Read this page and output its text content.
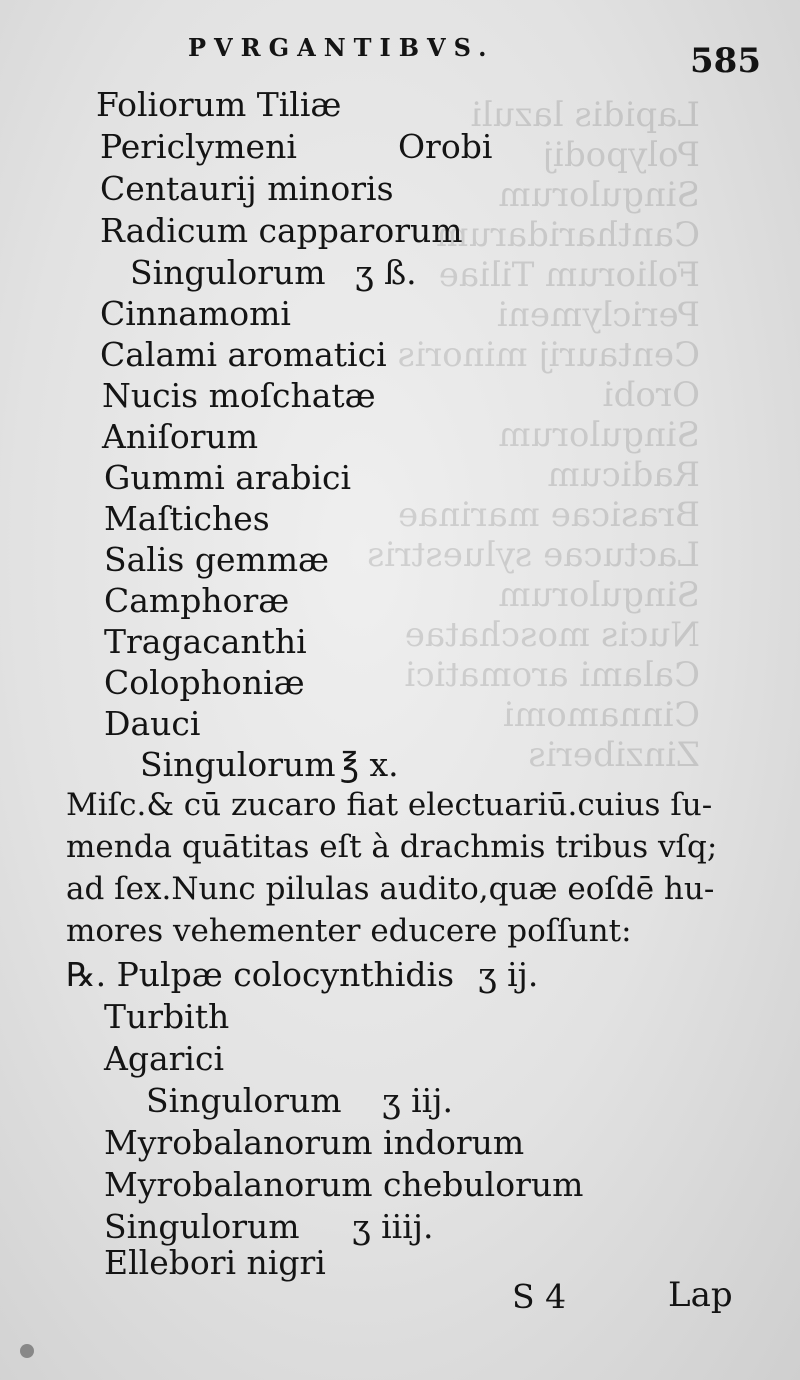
Lapidis lazuli
Polypodij
Singulorum
Cantharidarum
Foliorum Tiliae
Periclymeni
Centaurij minoris
Orobi
Singulorum
Radicum
Brasicae marinae
Lactucae syluestris
Singulorum
Nucis moschatae
Calami aromatici
Cinnamomi
Zinziberis
PVRGANTIBVS.	585
Foliorum Tiliæ
Periclymeni	Orobi
Centaurij minoris
Radicum capparorum
Singulorum ʒ ß.
Cinnamomi
Calami aromatici
Nucis moſchatæ
Aniſorum
Gummi arabici
Maſtiches
Salis gemmæ
Camphoræ
Tragacanthi
Colophoniæ
Dauci
Singulorum ℥ x.
Miſc.& cū zucaro fiat electuariū.cuius ſu-
menda quātitas eſt à drachmis tribus vſq;
ad ſex.Nunc pilulas audito,quæ eoſdē hu-
mores vehementer educere poſſunt:
℞. Pulpæ colocynthidis ʒ ij.
Turbith
Agarici
Singulorum ʒ iij.
Myrobalanorum indorum
Myrobalanorum chebulorum
Singulorum ʒ iiij.
Ellebori nigri
S 4	Lap
